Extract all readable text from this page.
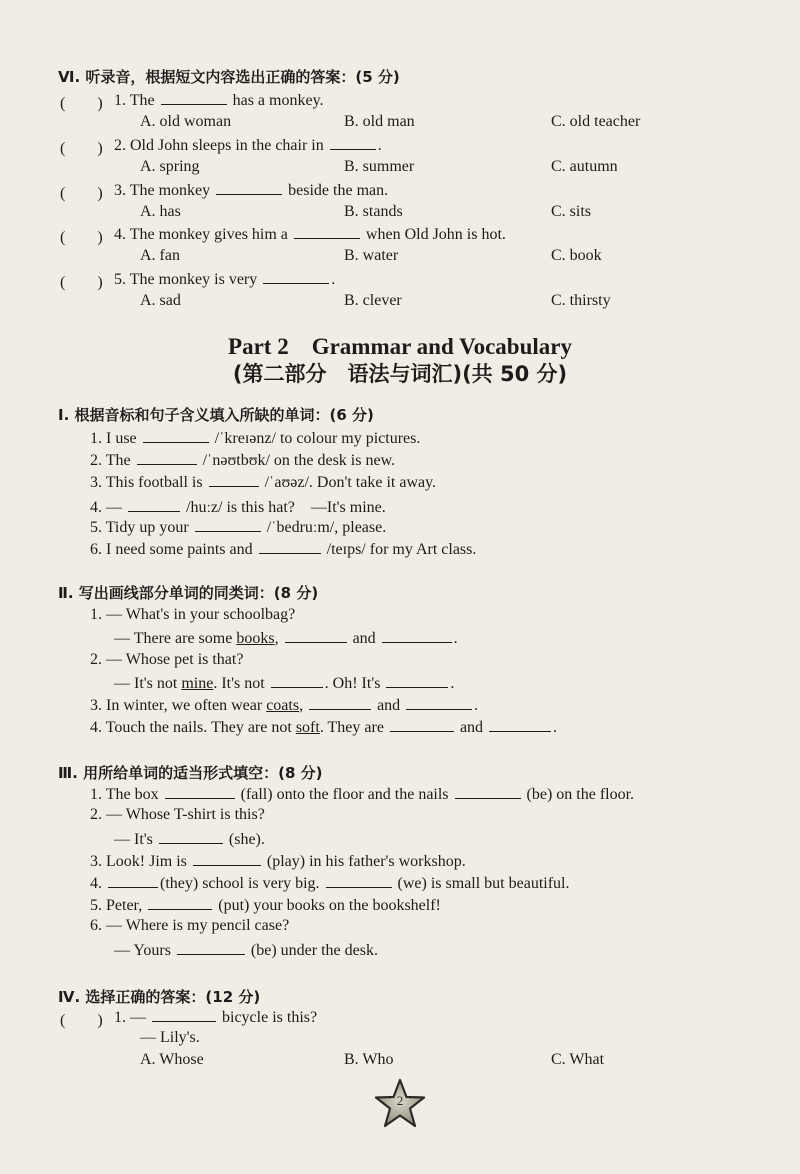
Ⅵ. 听录音，根据短文内容选出正确的答案：(5 分)
(　　) 1. The	has a monkey.
A. old woman	B. old man	C. old teacher
(　　) 2. Old John sleeps in the chair in	.
A. spring	B. summer	C. autumn
(　　) 3. The monkey	beside the man.
A. has	B. stands	C. sits
(　　) 4. The monkey gives him a	when Old John is hot.
A. fan	B. water	C. book
(　　) 5. The monkey is very	.
A. sad	B. clever	C. thirsty
Part 2　Grammar and Vocabulary
(第二部分　语法与词汇)(共 50 分)
Ⅰ. 根据音标和句子含义填入所缺的单词：(6 分)
1. I use	/ˈkreɪənz/ to colour my pictures.
2. The	/ˈnəʊtbʊk/ on the desk is new.
3. This football is	/ˈaʊəz/. Don't take it away.
4. —	/huːz/ is this hat?　—It's mine.
5. Tidy up your	/ˈbedruːm/, please.
6. I need some paints and	/teɪps/ for my Art class.
Ⅱ. 写出画线部分单词的同类词：(8 分)
1. — What's in your schoolbag?
— There are some books,	and	.
2. — Whose pet is that?
— It's not mine. It's not	. Oh! It's	.
3. In winter, we often wear coats,	and	.
4. Touch the nails. They are not soft. They are	and	.
Ⅲ. 用所给单词的适当形式填空：(8 分)
1. The box	(fall) onto the floor and the nails	(be) on the floor.
2. — Whose T-shirt is this?
— It's	(she).
3. Look! Jim is	(play) in his father's workshop.
4.	(they) school is very big.	(we) is small but beautiful.
5. Peter,	(put) your books on the bookshelf!
6. — Where is my pencil case?
— Yours	(be) under the desk.
Ⅳ. 选择正确的答案：(12 分)
(　　) 1. —	bicycle is this?
— Lily's.
A. Whose	B. Who	C. What
2
